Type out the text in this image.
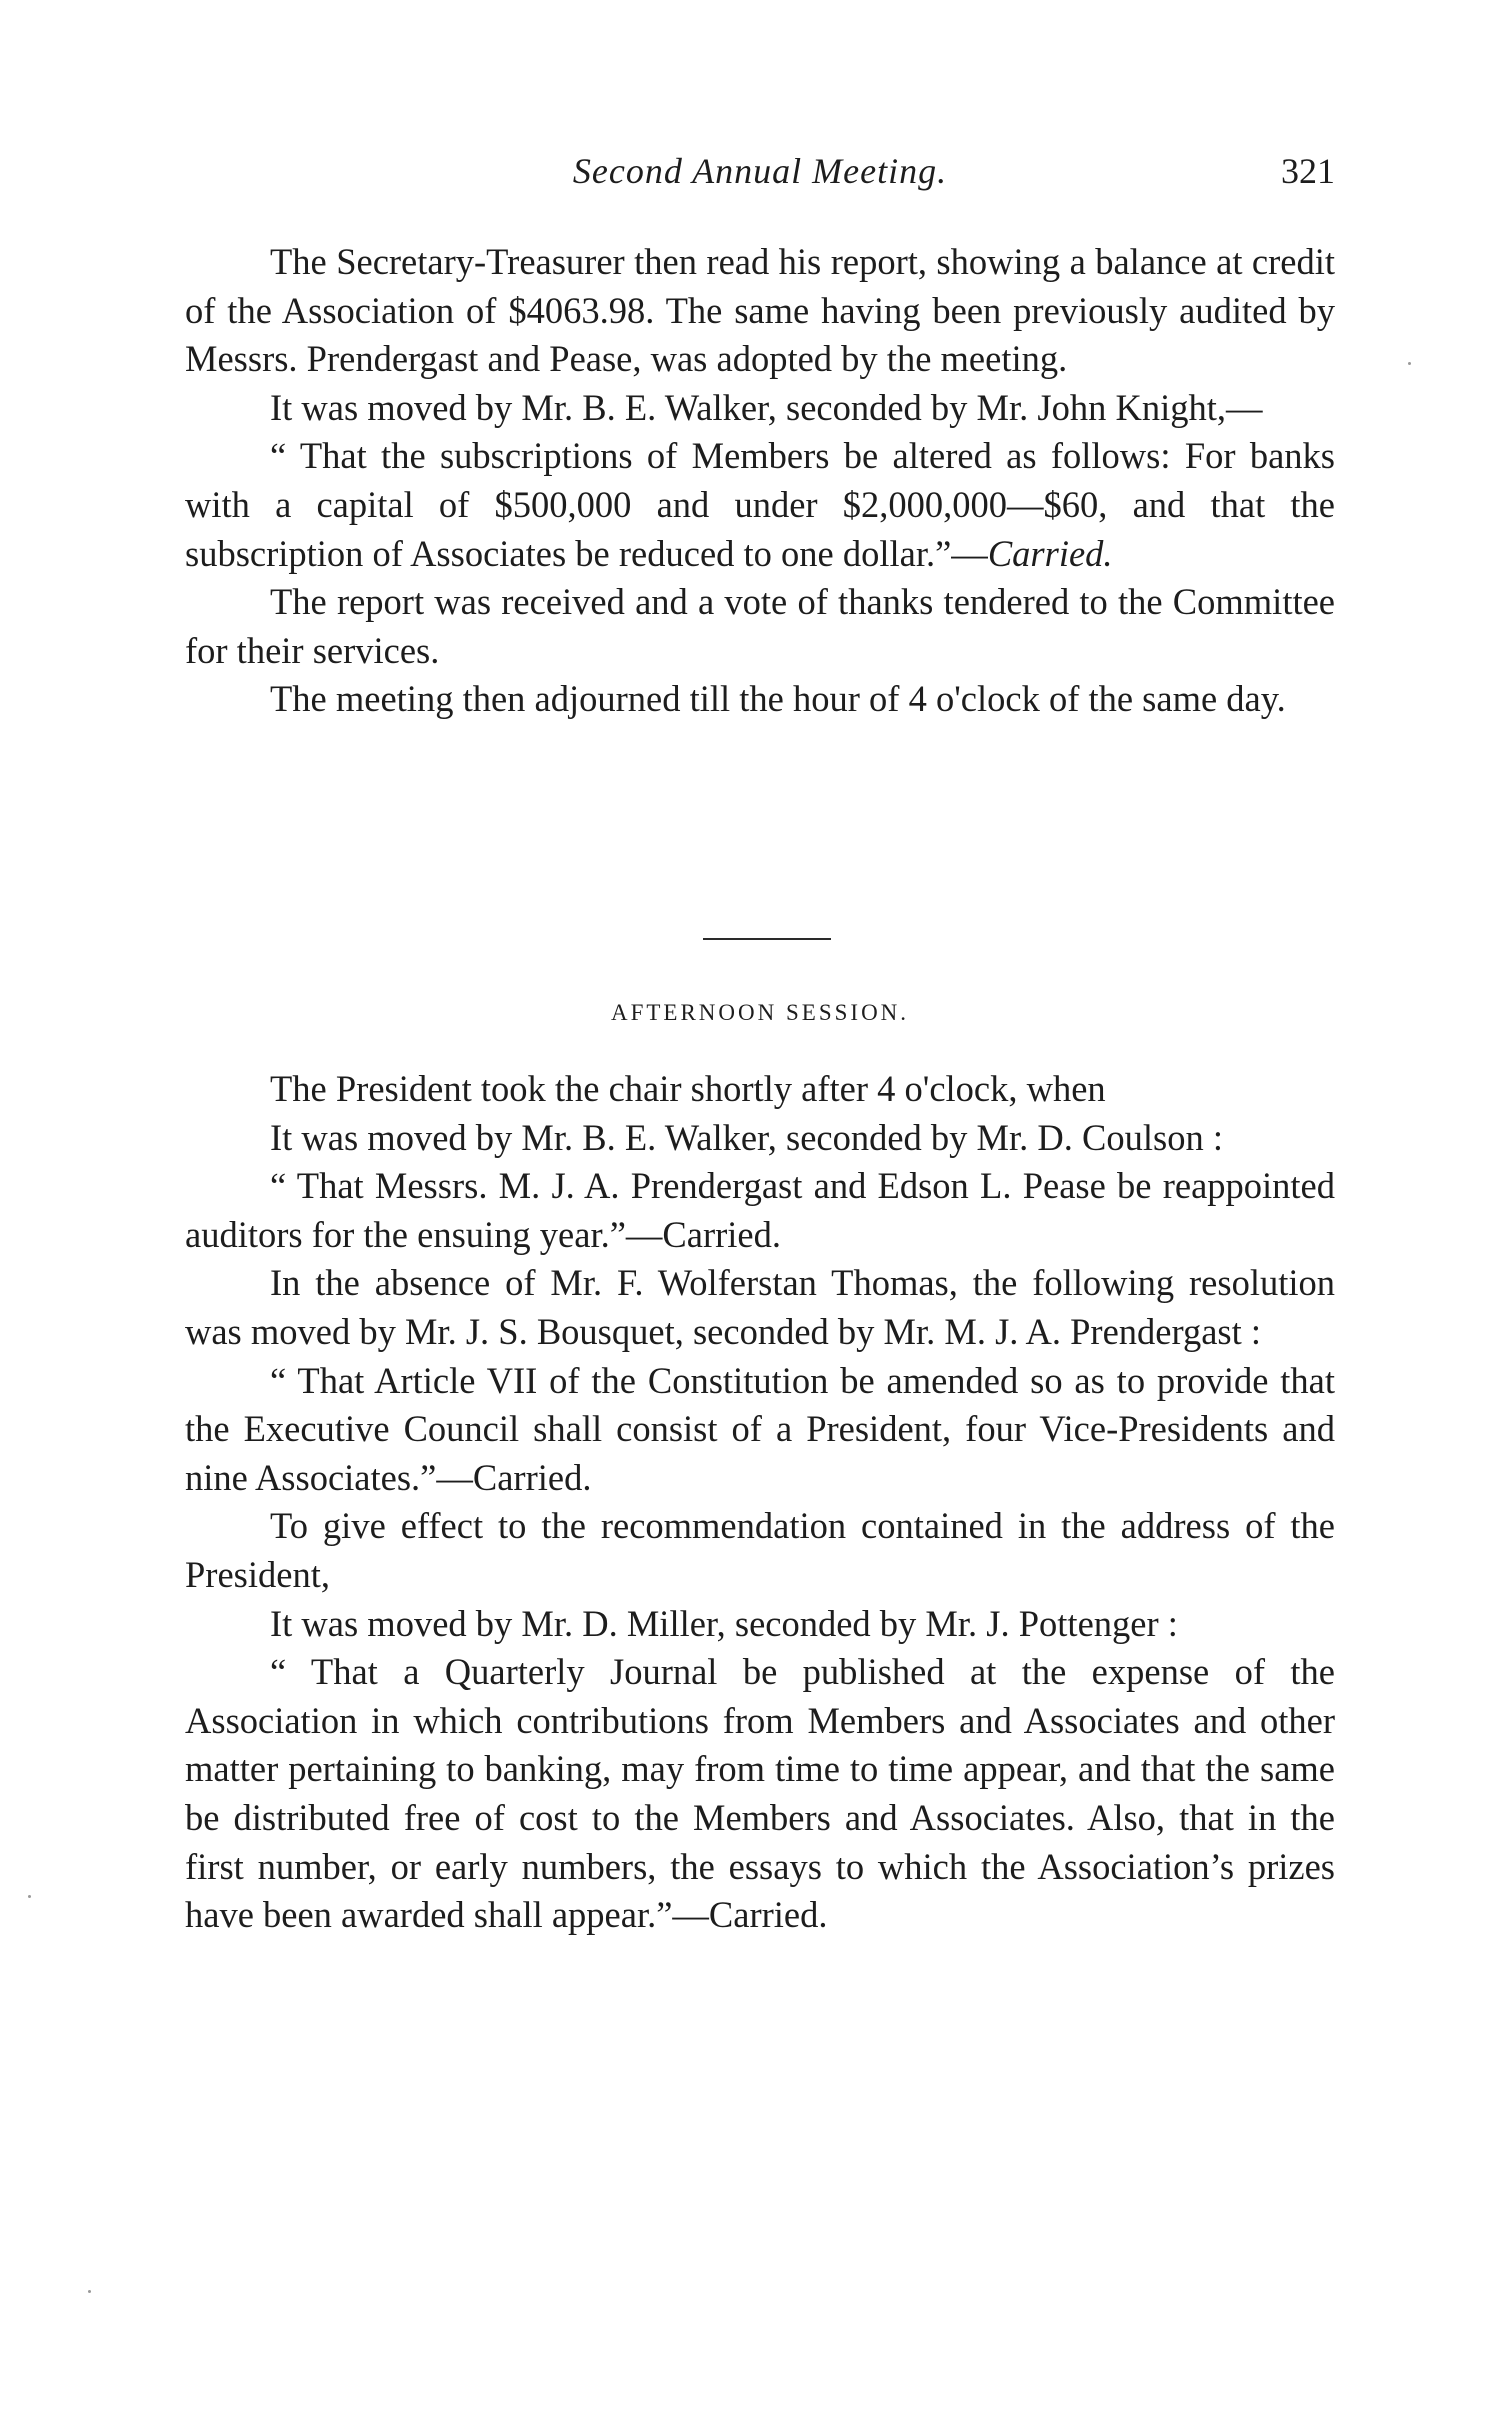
Second Annual Meeting.	321

The Secretary-Treasurer then read his report, showing a balance at credit of the Association of $4063.98. The same having been previously audited by Messrs. Prendergast and Pease, was adopted by the meeting.

It was moved by Mr. B. E. Walker, seconded by Mr. John Knight,—

“ That the subscriptions of Members be altered as follows: For banks with a capital of $500,000 and under $2,000,000—$60, and that the subscription of Associates be reduced to one dollar.”—Carried.

The report was received and a vote of thanks tendered to the Committee for their services.

The meeting then adjourned till the hour of 4 o'clock of the same day.

AFTERNOON SESSION.

The President took the chair shortly after 4 o'clock, when

It was moved by Mr. B. E. Walker, seconded by Mr. D. Coulson :

“ That Messrs. M. J. A. Prendergast and Edson L. Pease be reappointed auditors for the ensuing year.”—Carried.

In the absence of Mr. F. Wolferstan Thomas, the following resolution was moved by Mr. J. S. Bousquet, seconded by Mr. M. J. A. Prendergast :

“ That Article VII of the Constitution be amended so as to provide that the Executive Council shall consist of a President, four Vice-Presidents and nine Associates.”—Carried.

To give effect to the recommendation contained in the address of the President,

It was moved by Mr. D. Miller, seconded by Mr. J. Pottenger :

“ That a Quarterly Journal be published at the expense of the Association in which contributions from Members and Associates and other matter pertaining to banking, may from time to time appear, and that the same be distributed free of cost to the Members and Associates. Also, that in the first number, or early numbers, the essays to which the Association’s prizes have been awarded shall appear.”—Carried.
